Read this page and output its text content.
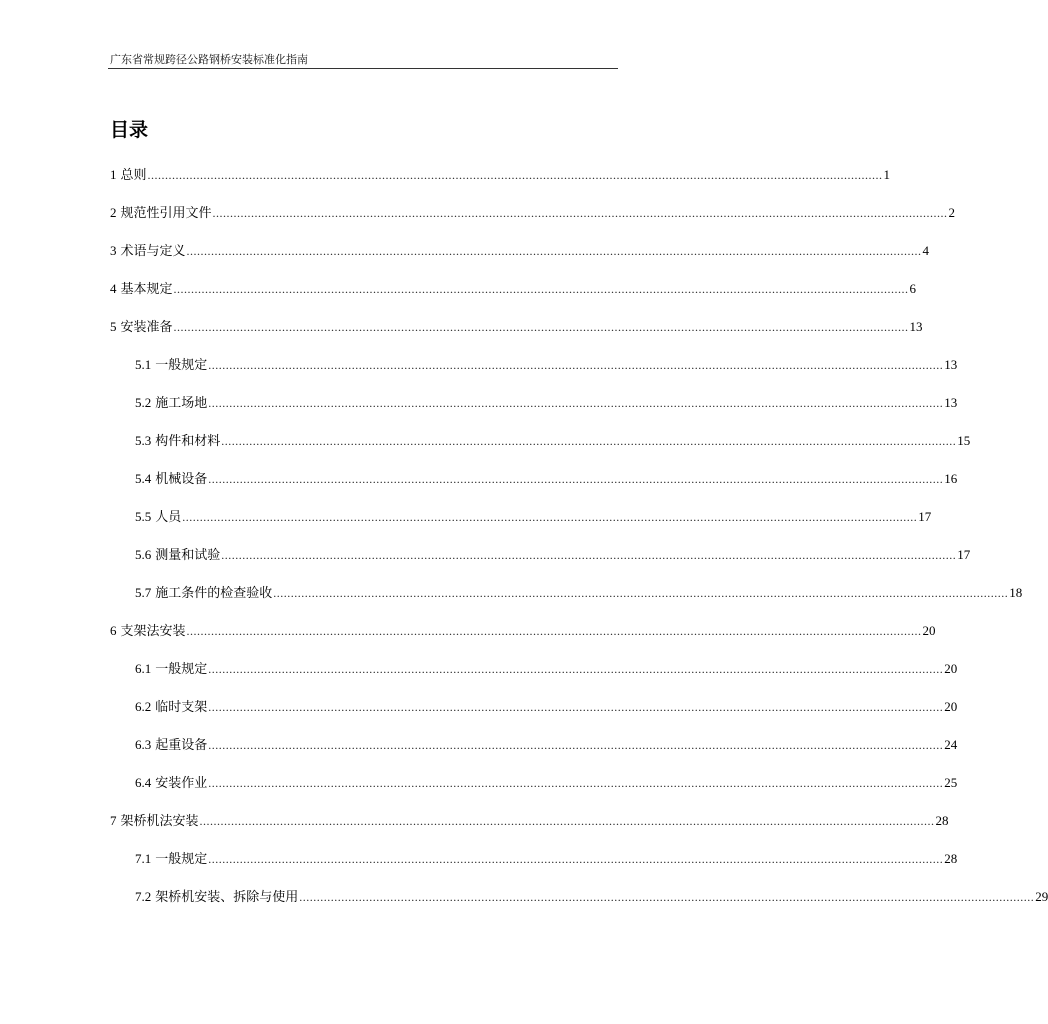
广东省常规跨径公路钢桥安装标准化指南
目录
1 总则 .................................................................................................................................................................................................................. 1
2 规范性引用文件 .................................................................................................................................................................................................................. 2
3 术语与定义 .................................................................................................................................................................................................................. 4
4 基本规定 .................................................................................................................................................................................................................. 6
5 安装准备 .................................................................................................................................................................................................................. 13
5.1 一般规定 .................................................................................................................................................................................................................. 13
5.2 施工场地 .................................................................................................................................................................................................................. 13
5.3 构件和材料 .................................................................................................................................................................................................................. 15
5.4 机械设备 .................................................................................................................................................................................................................. 16
5.5 人员 .................................................................................................................................................................................................................. 17
5.6 测量和试验 .................................................................................................................................................................................................................. 17
5.7 施工条件的检查验收 .................................................................................................................................................................................................................. 18
6 支架法安装 .................................................................................................................................................................................................................. 20
6.1 一般规定 .................................................................................................................................................................................................................. 20
6.2 临时支架 .................................................................................................................................................................................................................. 20
6.3 起重设备 .................................................................................................................................................................................................................. 24
6.4 安装作业 .................................................................................................................................................................................................................. 25
7 架桥机法安装 .................................................................................................................................................................................................................. 28
7.1 一般规定 .................................................................................................................................................................................................................. 28
7.2 架桥机安装、拆除与使用 .................................................................................................................................................................................................................. 29
